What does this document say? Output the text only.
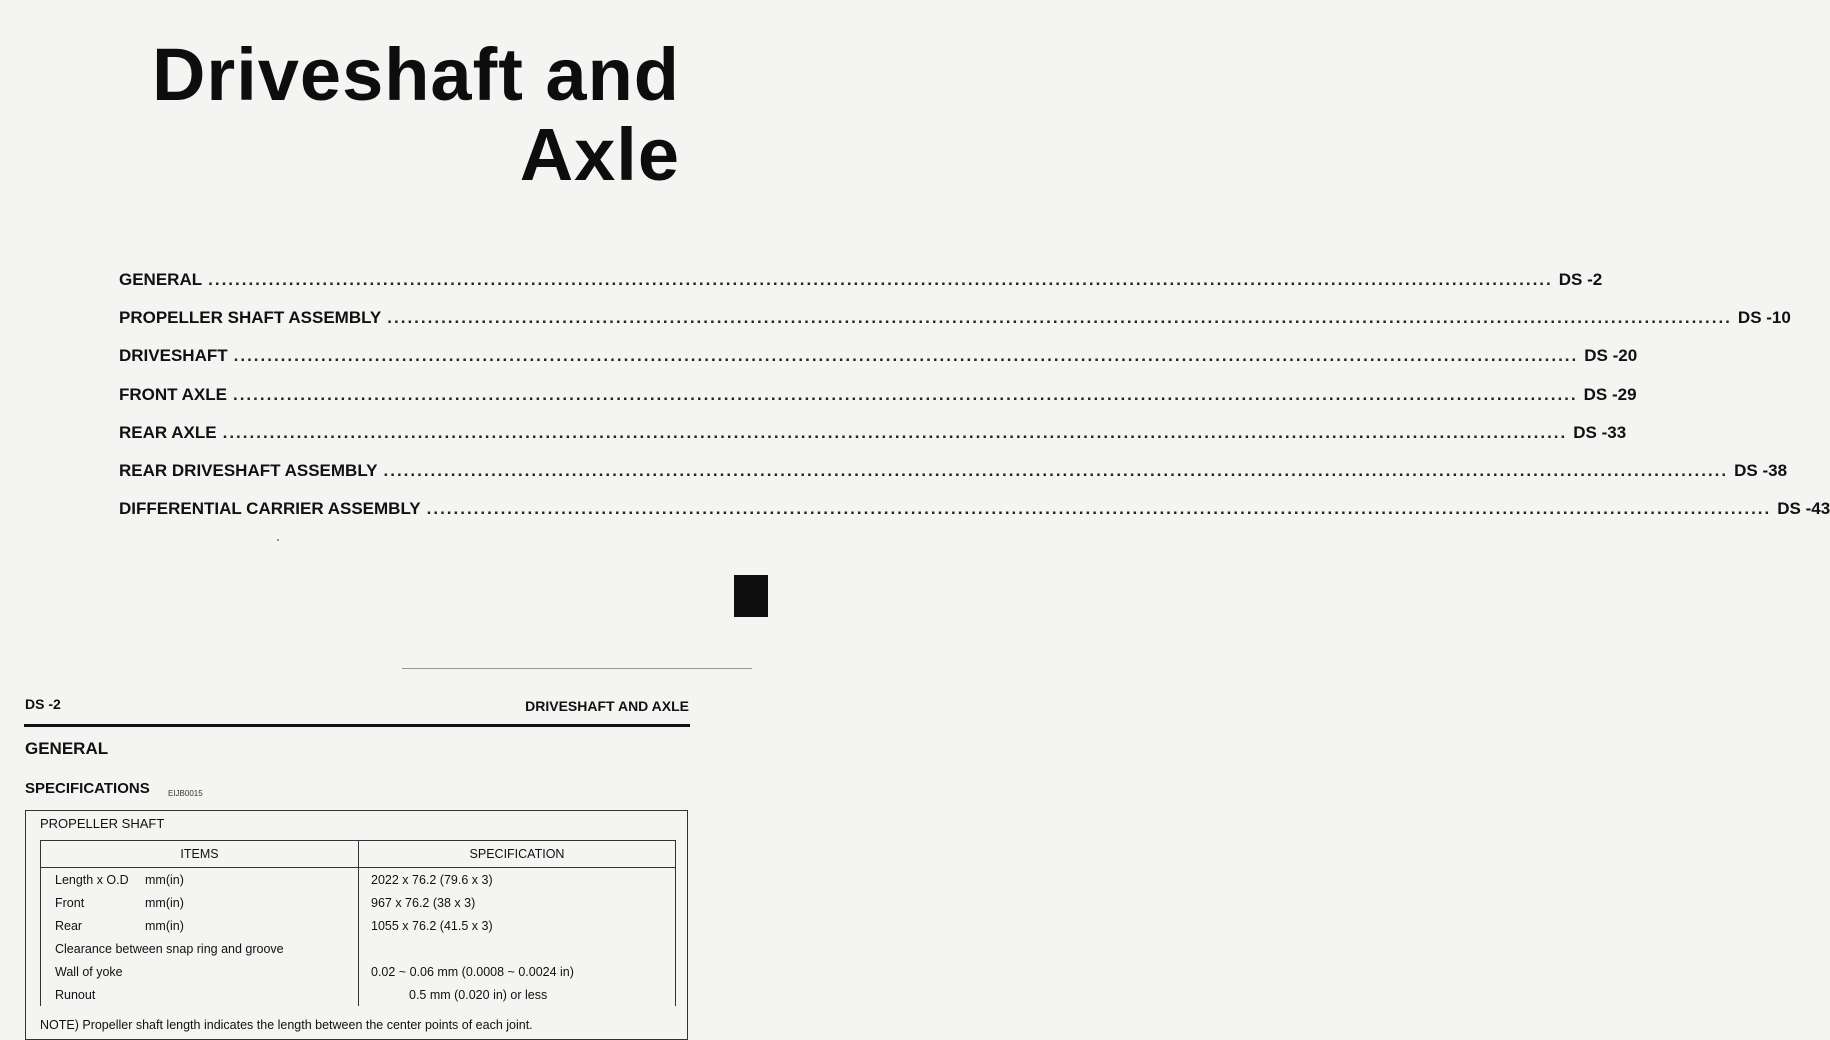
Driveshaft and
Axle
GENERAL ........................................................................................................................................................................................................ DS -2
PROPELLER SHAFT ASSEMBLY ........................................................................................................................................................................................................ DS -10
DRIVESHAFT ........................................................................................................................................................................................................ DS -20
FRONT AXLE ........................................................................................................................................................................................................ DS -29
REAR AXLE ........................................................................................................................................................................................................ DS -33
REAR DRIVESHAFT ASSEMBLY ........................................................................................................................................................................................................ DS -38
DIFFERENTIAL CARRIER ASSEMBLY ........................................................................................................................................................................................................ DS -43
DS -2	DRIVESHAFT AND AXLE
GENERAL
SPECIFICATIONS EIJB0015
PROPELLER SHAFT
ITEMS	SPECIFICATION
Length x O.D mm(in)	2022 x 76.2 (79.6 x 3)
Front mm(in)	967 x 76.2 (38 x 3)
Rear mm(in)	1055 x 76.2 (41.5 x 3)
Clearance between snap ring and groove	
Wall of yoke	0.02 ~ 0.06 mm (0.0008 ~ 0.0024 in)
Runout	0.5 mm (0.020 in) or less
NOTE) Propeller shaft length indicates the length between the center points of each joint.
